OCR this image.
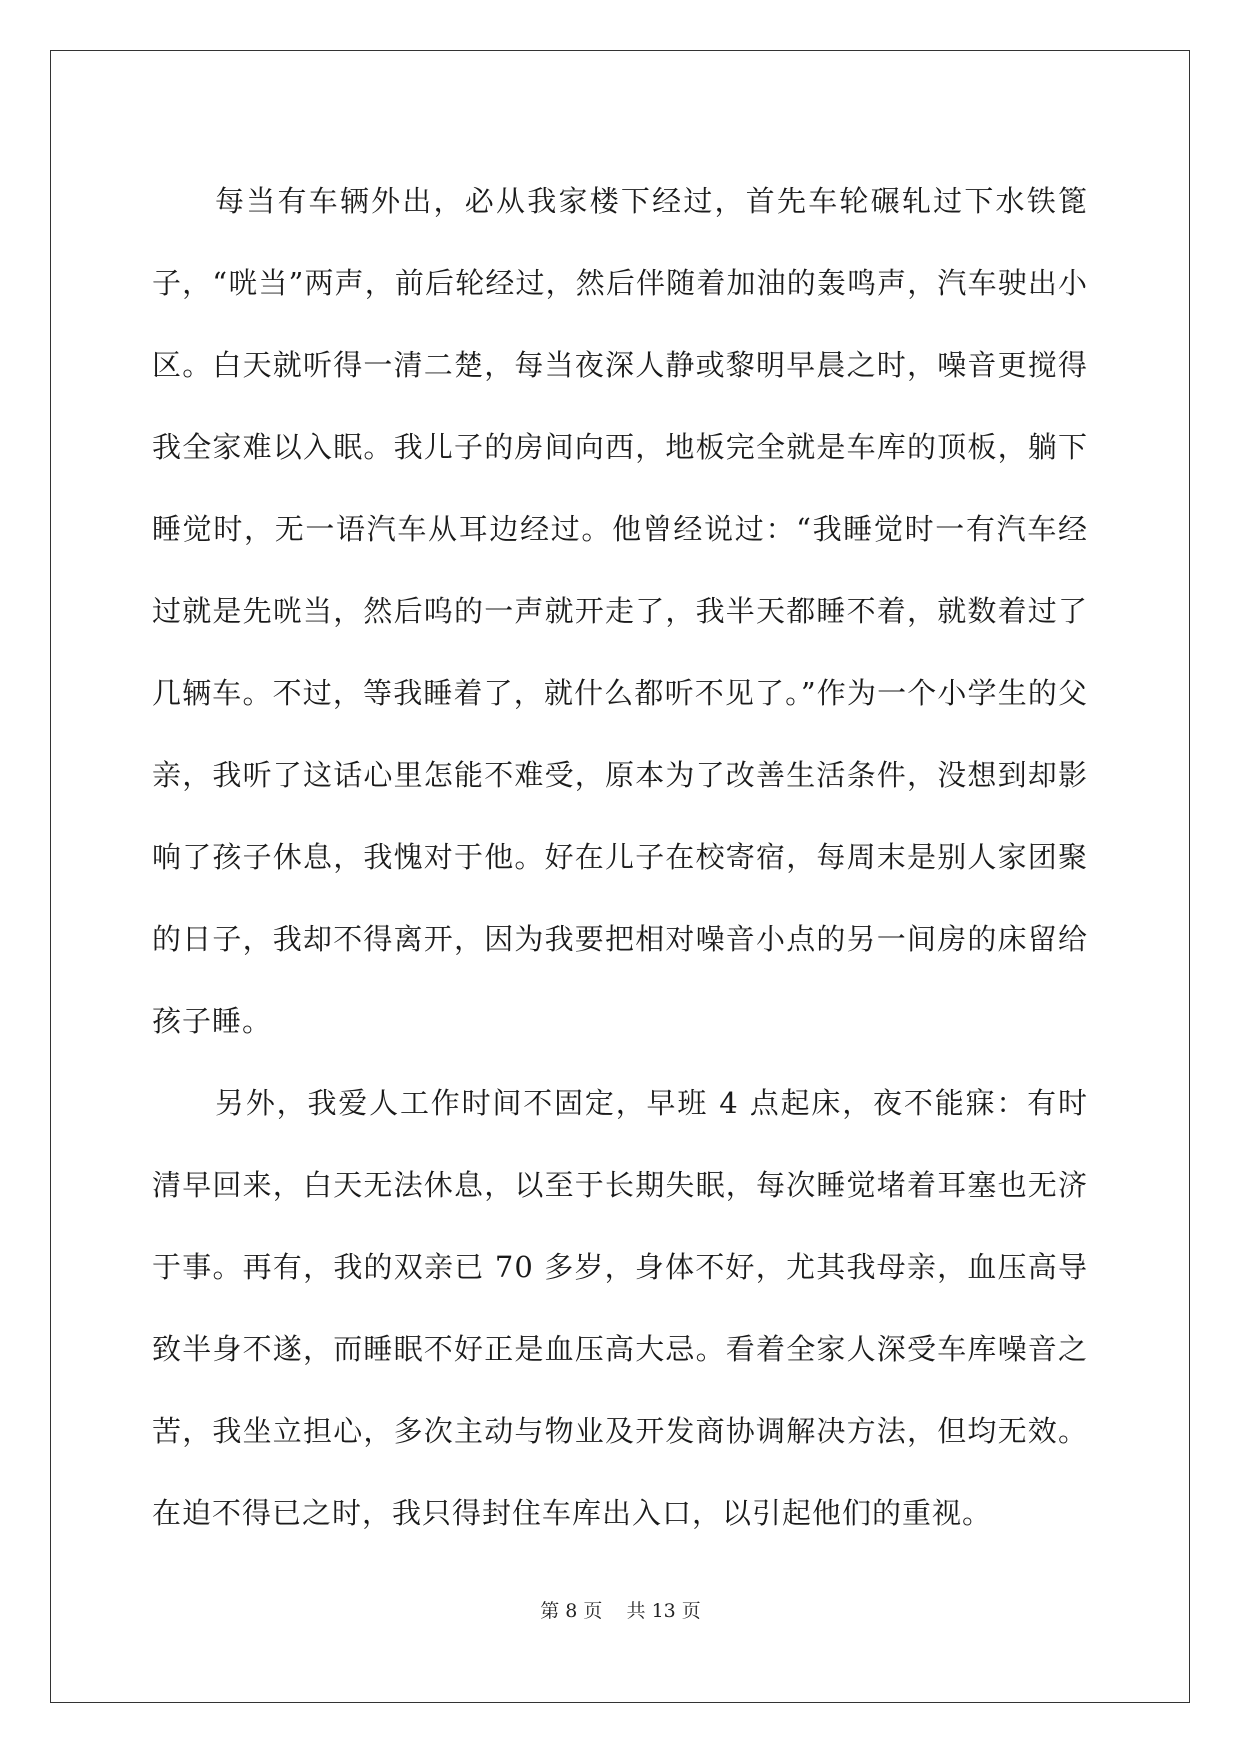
每当有车辆外出，必从我家楼下经过，首先车轮碾轧过下水铁篦子，“咣当”两声，前后轮经过，然后伴随着加油的轰鸣声，汽车驶出小区。白天就听得一清二楚，每当夜深人静或黎明早晨之时，噪音更搅得我全家难以入眠。我儿子的房间向西，地板完全就是车库的顶板，躺下睡觉时，无一语汽车从耳边经过。他曾经说过：“我睡觉时一有汽车经过就是先咣当，然后呜的一声就开走了，我半天都睡不着，就数着过了几辆车。不过，等我睡着了，就什么都听不见了。”作为一个小学生的父亲，我听了这话心里怎能不难受，原本为了改善生活条件，没想到却影响了孩子休息，我愧对于他。好在儿子在校寄宿，每周末是别人家团聚的日子，我却不得离开，因为我要把相对噪音小点的另一间房的床留给孩子睡。

另外，我爱人工作时间不固定，早班 4 点起床，夜不能寐：有时清早回来，白天无法休息，以至于长期失眠，每次睡觉堵着耳塞也无济于事。再有，我的双亲已 70 多岁，身体不好，尤其我母亲，血压高导致半身不遂，而睡眠不好正是血压高大忌。看着全家人深受车库噪音之苦，我坐立担心，多次主动与物业及开发商协调解决方法，但均无效。在迫不得已之时，我只得封住车库出入口，以引起他们的重视。

第 8 页    共 13 页
